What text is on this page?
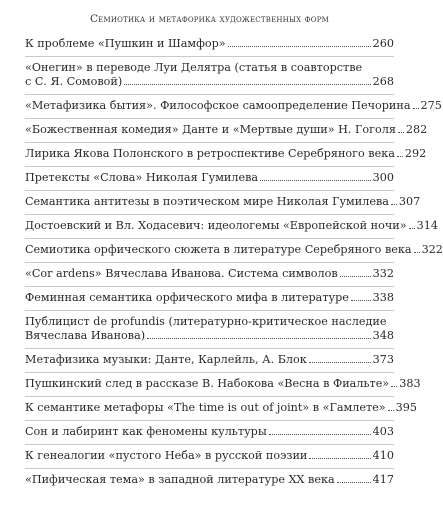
Семиотика и метафорика художественных форм
К проблеме «Пушкин и Шамфор»	260
«Онегин» в переводе Луи Делятра (статья в соавторстве
с С. Я. Сомовой)	268
«Метафизика бытия». Философское самоопределение Печорина 275
«Божественная комедия» Данте и «Мертвые души» Н. Гоголя 282
Лирика Якова Полонского в ретроспективе Серебряного века 292
Претексты «Слова» Николая Гумилева	300
Семантика антитезы в поэтическом мире Николая Гумилева 307
Достоевский и Вл. Ходасевич: идеологемы «Европейской ночи» 314
Семиотика орфического сюжета в литературе Серебряного века 322
«Cor ardens» Вячеслава Иванова. Система символов	332
Феминная семантика орфического мифа в литературе 338
Публицист de profundis (литературно-критическое наследие
Вячеслава Иванова)	348
Метафизика музыки: Данте, Карлейль, А. Блок	373
Пушкинский след в рассказе В. Набокова «Весна в Фиальте» 383
К семантике метафоры «The time is out of joint» в «Гамлете» 395
Сон и лабиринт как феномены культуры	403
К генеалогии «пустого Неба» в русской поэзии	410
«Пифическая тема» в западной литературе XX века	417
